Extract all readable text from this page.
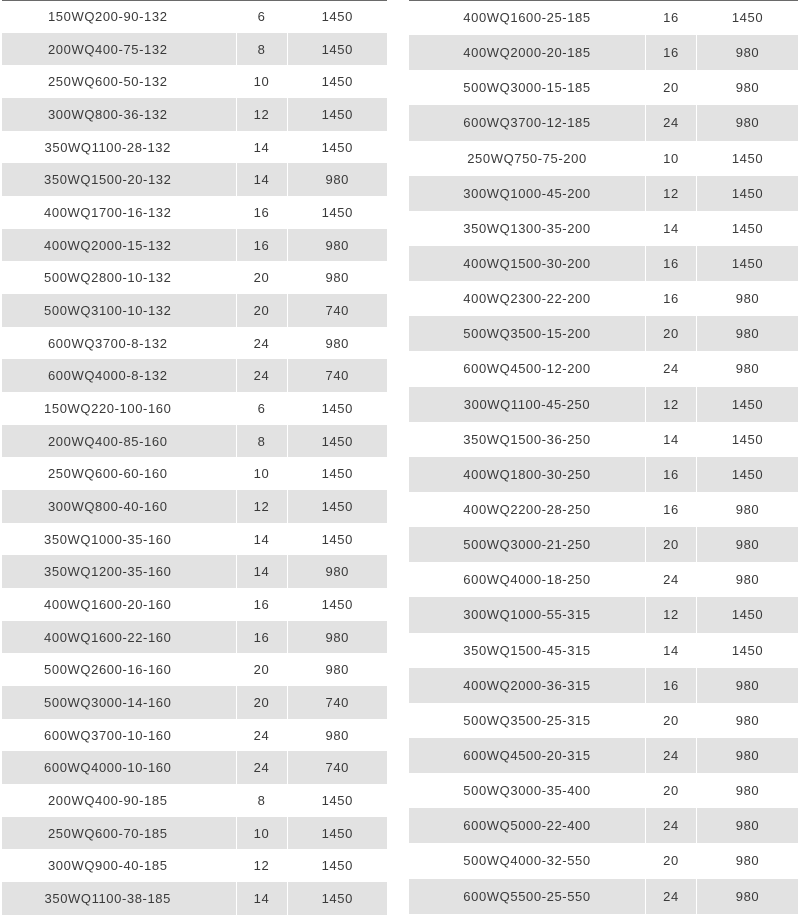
150WQ200-90-132	6	1450
200WQ400-75-132	8	1450
250WQ600-50-132	10	1450
300WQ800-36-132	12	1450
350WQ1100-28-132	14	1450
350WQ1500-20-132	14	980
400WQ1700-16-132	16	1450
400WQ2000-15-132	16	980
500WQ2800-10-132	20	980
500WQ3100-10-132	20	740
600WQ3700-8-132	24	980
600WQ4000-8-132	24	740
150WQ220-100-160	6	1450
200WQ400-85-160	8	1450
250WQ600-60-160	10	1450
300WQ800-40-160	12	1450
350WQ1000-35-160	14	1450
350WQ1200-35-160	14	980
400WQ1600-20-160	16	1450
400WQ1600-22-160	16	980
500WQ2600-16-160	20	980
500WQ3000-14-160	20	740
600WQ3700-10-160	24	980
600WQ4000-10-160	24	740
200WQ400-90-185	8	1450
250WQ600-70-185	10	1450
300WQ900-40-185	12	1450
350WQ1100-38-185	14	1450
400WQ1600-25-185	16	1450
400WQ2000-20-185	16	980
500WQ3000-15-185	20	980
600WQ3700-12-185	24	980
250WQ750-75-200	10	1450
300WQ1000-45-200	12	1450
350WQ1300-35-200	14	1450
400WQ1500-30-200	16	1450
400WQ2300-22-200	16	980
500WQ3500-15-200	20	980
600WQ4500-12-200	24	980
300WQ1100-45-250	12	1450
350WQ1500-36-250	14	1450
400WQ1800-30-250	16	1450
400WQ2200-28-250	16	980
500WQ3000-21-250	20	980
600WQ4000-18-250	24	980
300WQ1000-55-315	12	1450
350WQ1500-45-315	14	1450
400WQ2000-36-315	16	980
500WQ3500-25-315	20	980
600WQ4500-20-315	24	980
500WQ3000-35-400	20	980
600WQ5000-22-400	24	980
500WQ4000-32-550	20	980
600WQ5500-25-550	24	980
